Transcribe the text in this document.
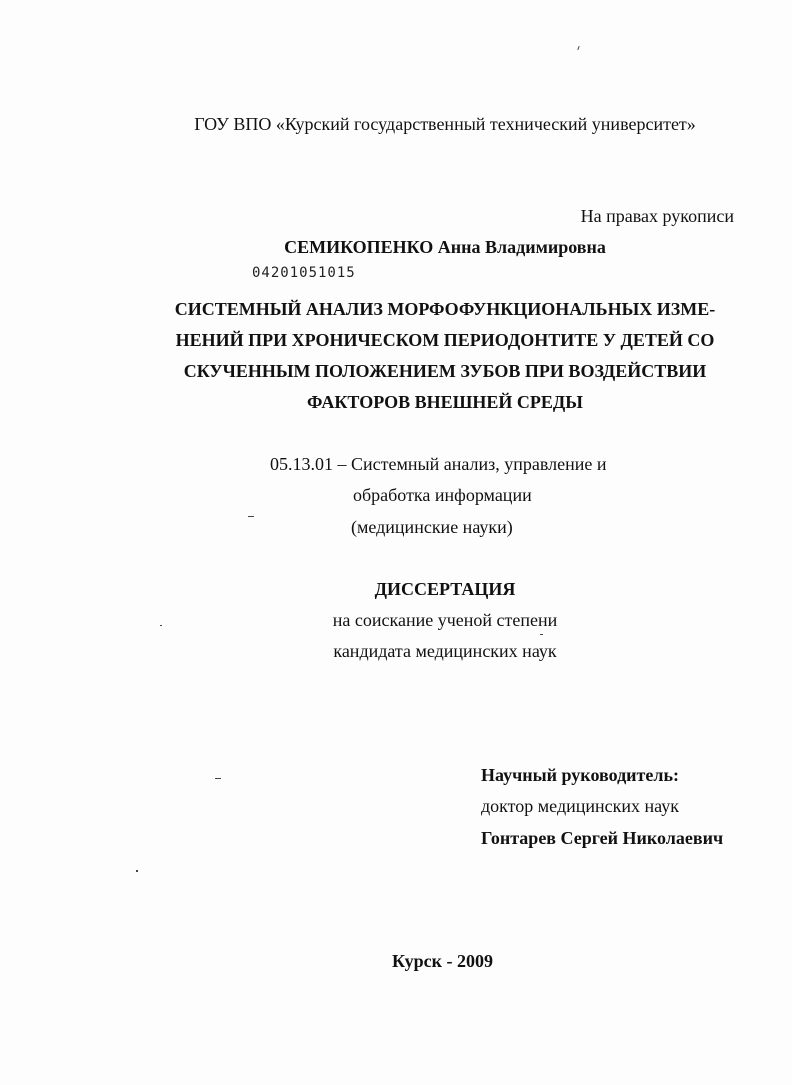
ГОУ ВПО «Курский государственный технический университет»
На правах рукописи
СЕМИКОПЕНКО Анна Владимировна
04201051015
СИСТЕМНЫЙ АНАЛИЗ МОРФОФУНКЦИОНАЛЬНЫХ ИЗМЕ-
НЕНИЙ ПРИ ХРОНИЧЕСКОМ ПЕРИОДОНТИТЕ У ДЕТЕЙ СО
СКУЧЕННЫМ ПОЛОЖЕНИЕМ ЗУБОВ ПРИ ВОЗДЕЙСТВИИ
ФАКТОРОВ ВНЕШНЕЙ СРЕДЫ
05.13.01 – Системный анализ, управление и
обработка информации
(медицинские науки)
ДИССЕРТАЦИЯ
на соискание ученой степени
кандидата медицинских наук
Научный руководитель:
доктор медицинских наук
Гонтарев Сергей Николаевич
Курск - 2009
